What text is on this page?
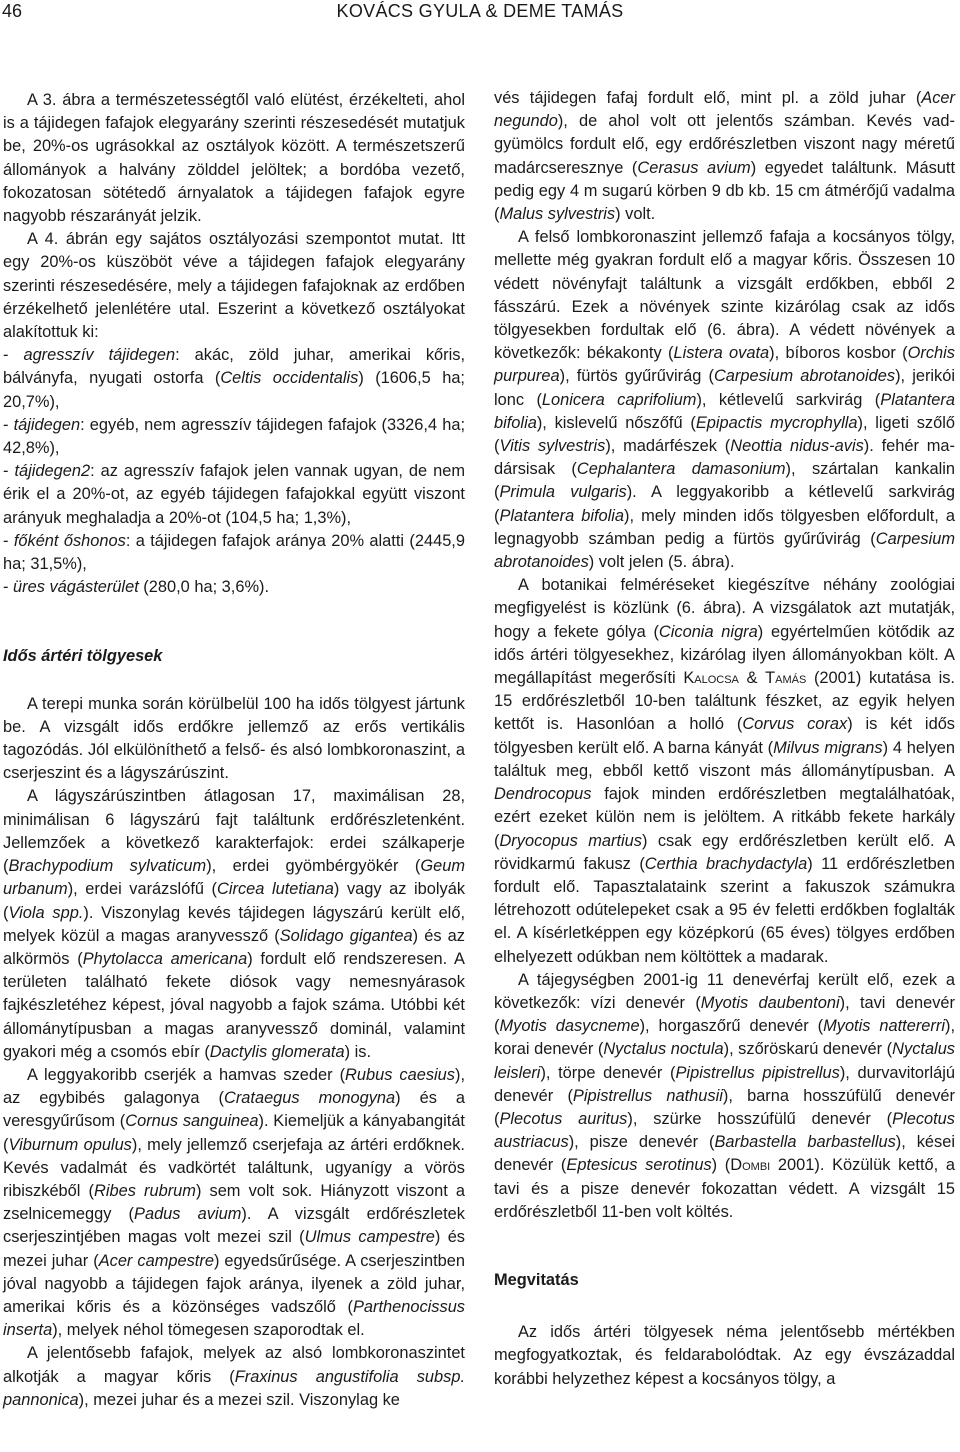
46	KOVÁCS GYULA & DEME TAMÁS

A 3. ábra a természetességtől való elütést, érzékelteti, ahol is a tájidegen fafajok elegyarány szerinti részesedését mutatjuk be, 20%-os ugrásokkal az osztályok között. A természetszerű állományok a halvány zölddel jelöltek; a bordóba vezető, fokozatosan sötétedő árnyalatok a tájidegen fafajok egyre nagyobb részarányát jelzik.

A 4. ábrán egy sajátos osztályozási szempontot mutat. Itt egy 20%-os küszöböt véve a tájidegen fafajok elegyarány szerinti részesedésére, mely a tájidegen fafajoknak az erdőben érzékelhető jelenlétére utal. Eszerint a következő osztályokat alakítottuk ki:

- agresszív tájidegen: akác, zöld juhar, amerikai kőris, bálványfa, nyugati ostorfa (Celtis occidentalis) (1606,5 ha; 20,7%),

- tájidegen: egyéb, nem agresszív tájidegen fafajok (3326,4 ha; 42,8%),

- tájidegen2: az agresszív fafajok jelen vannak ugyan, de nem érik el a 20%-ot, az egyéb tájidegen fafajokkal együtt viszont arányuk meghaladja a 20%-ot (104,5 ha; 1,3%),

- főként őshonos: a tájidegen fafajok aránya 20% alatti (2445,9 ha; 31,5%),

- üres vágásterület (280,0 ha; 3,6%).

Idős ártéri tölgyesek

A terepi munka során körülbelül 100 ha idős tölgyest jártunk be. A vizsgált idős erdőkre jellemző az erős vertikális tagozódás. Jól elkülöníthető a felső- és alsó lombkoronaszint, a cserjeszint és a lágyszárúszint.

A lágyszárúszintben átlagosan 17, maximálisan 28, minimálisan 6 lágyszárú fajt találtunk erdőrészletenként. Jellemzőek a következő karakterfajok: erdei szálkaperje (Brachypodium sylvaticum), erdei gyömbérgyökér (Geum urbanum), erdei varázslófű (Circea lutetiana) vagy az ibolyák (Viola spp.). Viszonylag kevés tájidegen lágyszárú került elő, melyek közül a magas aranyvessző (Solidago gigantea) és az alkörmös (Phytolacca americana) fordult elő rendszeresen. A területen található fekete diósok vagy nemesnyárasok fajkészletéhez képest, jóval nagyobb a fajok száma. Utóbbi két állománytípusban a magas aranyvessző dominál, valamint gyakori még a csomós ebír (Dactylis glomerata) is.

A leggyakoribb cserjék a hamvas szeder (Rubus caesius), az egybibés galagonya (Crataegus monogyna) és a veresgyűrűsom (Cornus sanguinea). Kiemeljük a kányabangitát (Viburnum opulus), mely jellemző cserjefaja az ártéri erdőknek. Kevés vadalmát és vadkörtét találtunk, ugyanígy a vörös ribiszkéből (Ribes rubrum) sem volt sok. Hiányzott viszont a zselnicemeggy (Padus avium). A vizsgált erdőrészletek cserjeszintjében magas volt mezei szil (Ulmus campestre) és mezei juhar (Acer campestre) egyedsűrűsége. A cserjeszintben jóval nagyobb a tájidegen fajok aránya, ilyenek a zöld juhar, amerikai kőris és a közönséges vadszőlő (Parthenocissus inserta), melyek néhol tömegesen szaporodtak el.

A jelentősebb fafajok, melyek az alsó lombkoronaszintet alkotják a magyar kőris (Fraxinus angustifolia subsp. pannonica), mezei juhar és a mezei szil. Viszonylag ke

vés tájidegen fafaj fordult elő, mint pl. a zöld juhar (Acer negundo), de ahol volt ott jelentős számban. Kevés vadgyümölcs fordult elő, egy erdőrészletben viszont nagy méretű madárcseresznye (Cerasus avium) egyedet találtunk. Másutt pedig egy 4 m sugarú körben 9 db kb. 15 cm átmérőjű vadalma (Malus sylvestris) volt.

A felső lombkoronaszint jellemző fafaja a kocsányos tölgy, mellette még gyakran fordult elő a magyar kőris. Összesen 10 védett növényfajt találtunk a vizsgált erdőkben, ebből 2 fásszárú. Ezek a növények szinte kizárólag csak az idős tölgyesekben fordultak elő (6. ábra). A védett növények a következők: békakonty (Listera ovata), bíboros kosbor (Orchis purpurea), fürtös gyűrűvirág (Carpesium abrotanoides), jerikói lonc (Lonicera caprifolium), kétlevelű sarkvirág (Platantera bifolia), kislevelű nőszőfű (Epipactis mycrophylla), ligeti szőlő (Vitis sylvestris), madárfészek (Neottia nidus-avis). fehér madársisak (Cephalantera damasonium), szártalan kankalin (Primula vulgaris). A leggyakoribb a kétlevelű sarkvirág (Platantera bifolia), mely minden idős tölgyesben előfordult, a legnagyobb számban pedig a fürtös gyűrűvirág (Carpesium abrotanoides) volt jelen (5. ábra).

A botanikai felméréseket kiegészítve néhány zoológiai megfigyelést is közlünk (6. ábra). A vizsgálatok azt mutatják, hogy a fekete gólya (Ciconia nigra) egyértelműen kötődik az idős ártéri tölgyesekhez, kizárólag ilyen állományokban költ. A megállapítást megerősíti Kalocsa & Tamás (2001) kutatása is. 15 erdőrészletből 10-ben találtunk fészket, az egyik helyen kettőt is. Hasonlóan a holló (Corvus corax) is két idős tölgyesben került elő. A barna kányát (Milvus migrans) 4 helyen találtuk meg, ebből kettő viszont más állománytípusban. A Dendrocopus fajok minden erdőrészletben megtalálhatóak, ezért ezeket külön nem is jelöltem. A ritkább fekete harkály (Dryocopus martius) csak egy erdőrészletben került elő. A rövidkarmú fakusz (Certhia brachydactyla) 11 erdőrészletben fordult elő. Tapasztalataink szerint a fakuszok számukra létrehozott odútelepeket csak a 95 év feletti erdőkben foglalták el. A kísérletképpen egy középkorú (65 éves) tölgyes erdőben elhelyezett odúkban nem költöttek a madarak.

A tájegységben 2001-ig 11 denevérfaj került elő, ezek a következők: vízi denevér (Myotis daubentoni), tavi denevér (Myotis dasycneme), horgaszőrű denevér (Myotis nattererri), korai denevér (Nyctalus noctula), szőröskarú denevér (Nyctalus leisleri), törpe denevér (Pipistrellus pipistrellus), durvavitorlájú denevér (Pipistrellus nathusii), barna hosszúfülű denevér (Plecotus auritus), szürke hosszúfülű denevér (Plecotus austriacus), pisze denevér (Barbastella barbastellus), kései denevér (Eptesicus serotinus) (Dombi 2001). Közülük kettő, a tavi és a pisze denevér fokozattan védett. A vizsgált 15 erdőrészletből 11-ben volt költés.

Megvitatás

Az idős ártéri tölgyesek néma jelentősebb mértékben megfogyatkoztak, és feldarabolódtak. Az egy évszázaddal korábbi helyzethez képest a kocsányos tölgy, a
